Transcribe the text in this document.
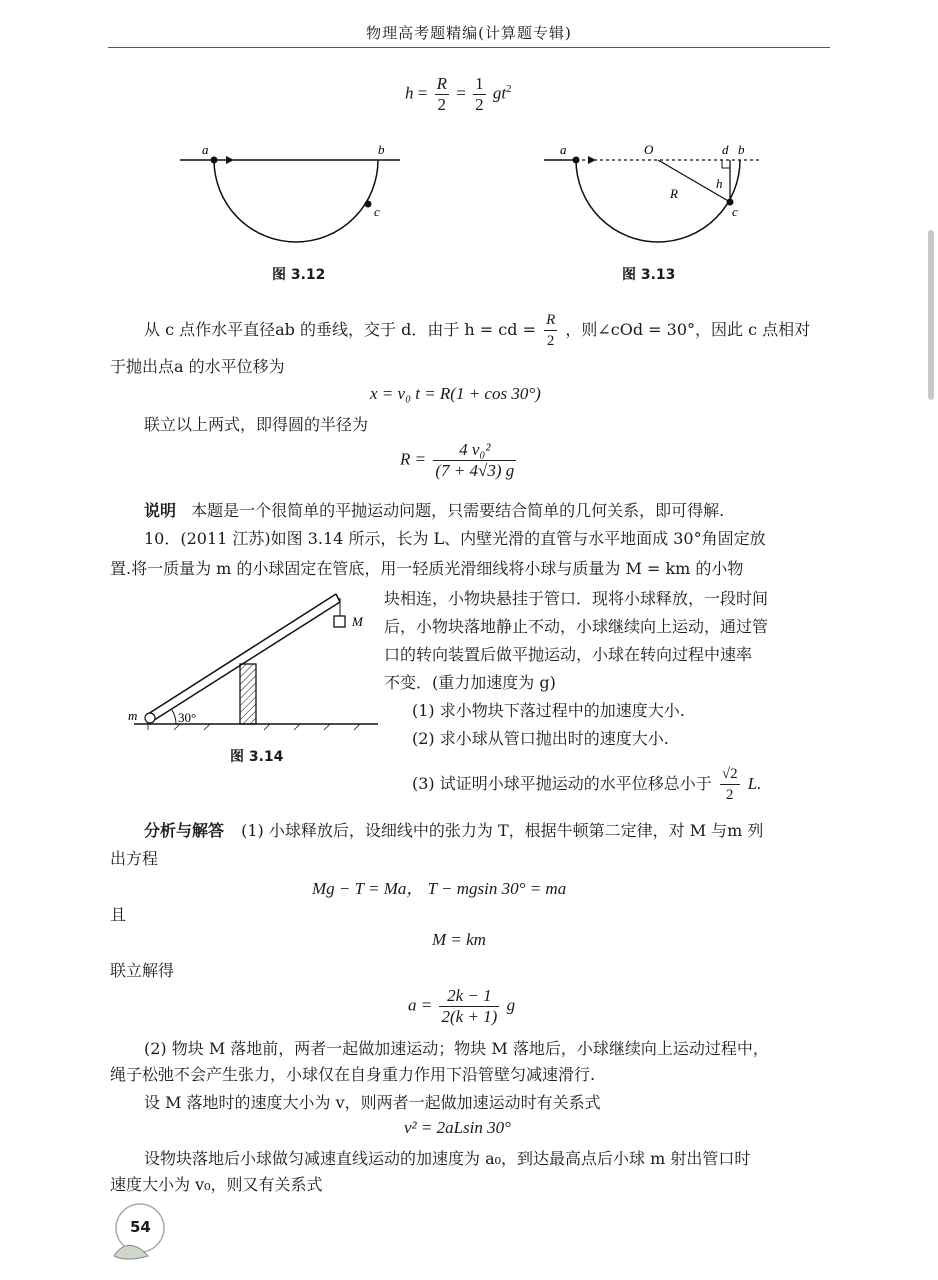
物理高考题精编(计算题专辑)
$h = \frac{R}{2} = \frac{1}{2} gt^2$
a	b
c
图 3.12
a	O	d b
R
h
c
图 3.13
从 c 点作水平直径ab 的垂线，交于 d．由于 h = cd = $\frac{R}{2}$ ，则∠cOd = 30°，因此 c 点相对
于抛出点a 的水平位移为
x = v₀ t = R(1 + cos 30°)
联立以上两式，即得圆的半径为
$R = \frac{\text{4 v₀²}}{(7 + 4√3) g}$
说明 本题是一个很简单的平抛运动问题，只需要结合简单的几何关系，即可得解.
10．(2011 江苏)如图 3.14 所示，长为 L、内壁光滑的直管与水平地面成 30°角固定放
置.将一质量为 m 的小球固定在管底，用一轻质光滑细线将小球与质量为 M = km 的小物
块相连，小物块悬挂于管口．现将小球释放，一段时间
后，小物块落地静止不动，小球继续向上运动，通过管
口的转向装置后做平抛运动，小球在转向过程中速率
不变．(重力加速度为 g)
(1) 求小物块下落过程中的加速度大小.
(2) 求小球从管口抛出时的速度大小.
(3) 试证明小球平抛运动的水平位移总小于 $\frac{√2}{2} L$.
m
M
30°
图 3.14
分析与解答 (1) 小球释放后，设细线中的张力为 T，根据牛顿第二定律，对 M 与m 列
出方程
Mg − T = Ma， T − mgsin 30° = ma
且
M = km
联立解得
$a = \frac{2k - 1}{2(k + 1)}$ g
(2) 物块 M 落地前，两者一起做加速运动；物块 M 落地后，小球继续向上运动过程中，
绳子松弛不会产生张力，小球仅在自身重力作用下沿管壁匀减速滑行.
设 M 落地时的速度大小为 v，则两者一起做加速运动时有关系式
v² = 2aLsin 30°
设物块落地后小球做匀减速直线运动的加速度为 a₀，到达最高点后小球 m 射出管口时
速度大小为 v₀，则又有关系式
54
